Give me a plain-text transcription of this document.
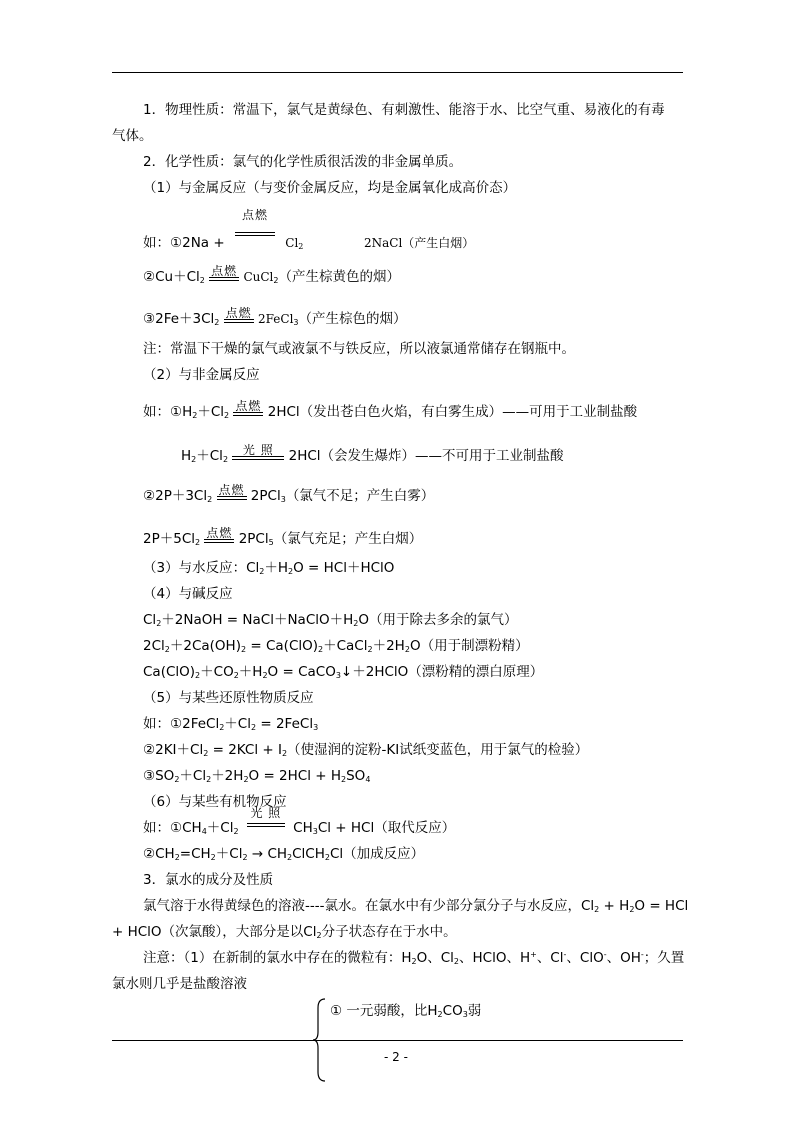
1．物理性质：常温下，氯气是黄绿色、有刺激性、能溶于水、比空气重、易液化的有毒
气体。
2．化学性质：氯气的化学性质很活泼的非金属单质。
（1）与金属反应（与变价金属反应，均是金属氧化成高价态）
如：①2Na +
点燃
$Cl_2$	2NaCl（产生白烟）
$②Cu+Cl_2$
点燃 CuCl$_2$（产生棕黄色的烟）
$③2Fe+3Cl_2$
点燃 2FeCl$_3$（产生棕色的烟）
注：常温下干燥的氯气或液氯不与铁反应，所以液氯通常储存在钢瓶中。
（2）与非金属反应
如：$①H_2+Cl_2$
点燃 2HCl（发出苍白色火焰，有白雾生成）——可用于工业制盐酸
$H_2+Cl_2$
光 照	2HCl（会发生爆炸）——不可用于工业制盐酸
$②2P+3Cl_2$
点燃 2PCl$_3$（氯气不足；产生白雾）
$2P+5Cl_2$
点燃 2PCl$_5$（氯气充足；产生白烟）
（3）与水反应：$Cl_2+H_2O$ = HCl＋HClO
（4）与碱反应
$Cl_2+2NaOH$ = $NaCl+NaClO+H_2O$（用于除去多余的氯气）
$2Cl_2+2Ca(OH)_2$ = $Ca(ClO)_2+CaCl_2+2H_2O$（用于制漂粉精）
$Ca(ClO)_2+CO_2+H_2O$ = CaCO$_3$↓＋2HClO（漂粉精的漂白原理）
（5）与某些还原性物质反应
如：$①2FeCl_2+Cl_2$ = 2FeCl$_3$
$②2KI+Cl_2 = 2KCl + I_2$（使湿润的淀粉-KI试纸变蓝色，用于氯气的检验）
$③SO_2+Cl_2+2H_2O = 2HCl + H_2SO_4$
（6）与某些有机物反应
如：$①CH_4+Cl_2$
光 照
$CH_3Cl + HCl$（取代反应）
$②CH_2=CH_2+Cl_2$ → $CH_2ClCH_2Cl$（加成反应）
3．氯水的成分及性质
氯气溶于水得黄绿色的溶液----氯水。在氯水中有少部分氯分子与水反应，$Cl_2 + H_2O$ = HCl
+ HClO（次氯酸），大部分是以$Cl_2$分子状态存在于水中。
注意：（1）在新制的氯水中存在的微粒有：$H_2O$、$Cl_2$、HClO、H+、Cl-、ClO-、OH-；久置
氯水则几乎是盐酸溶液
① 一元弱酸，比$H_2CO_3$弱
- 2 -
